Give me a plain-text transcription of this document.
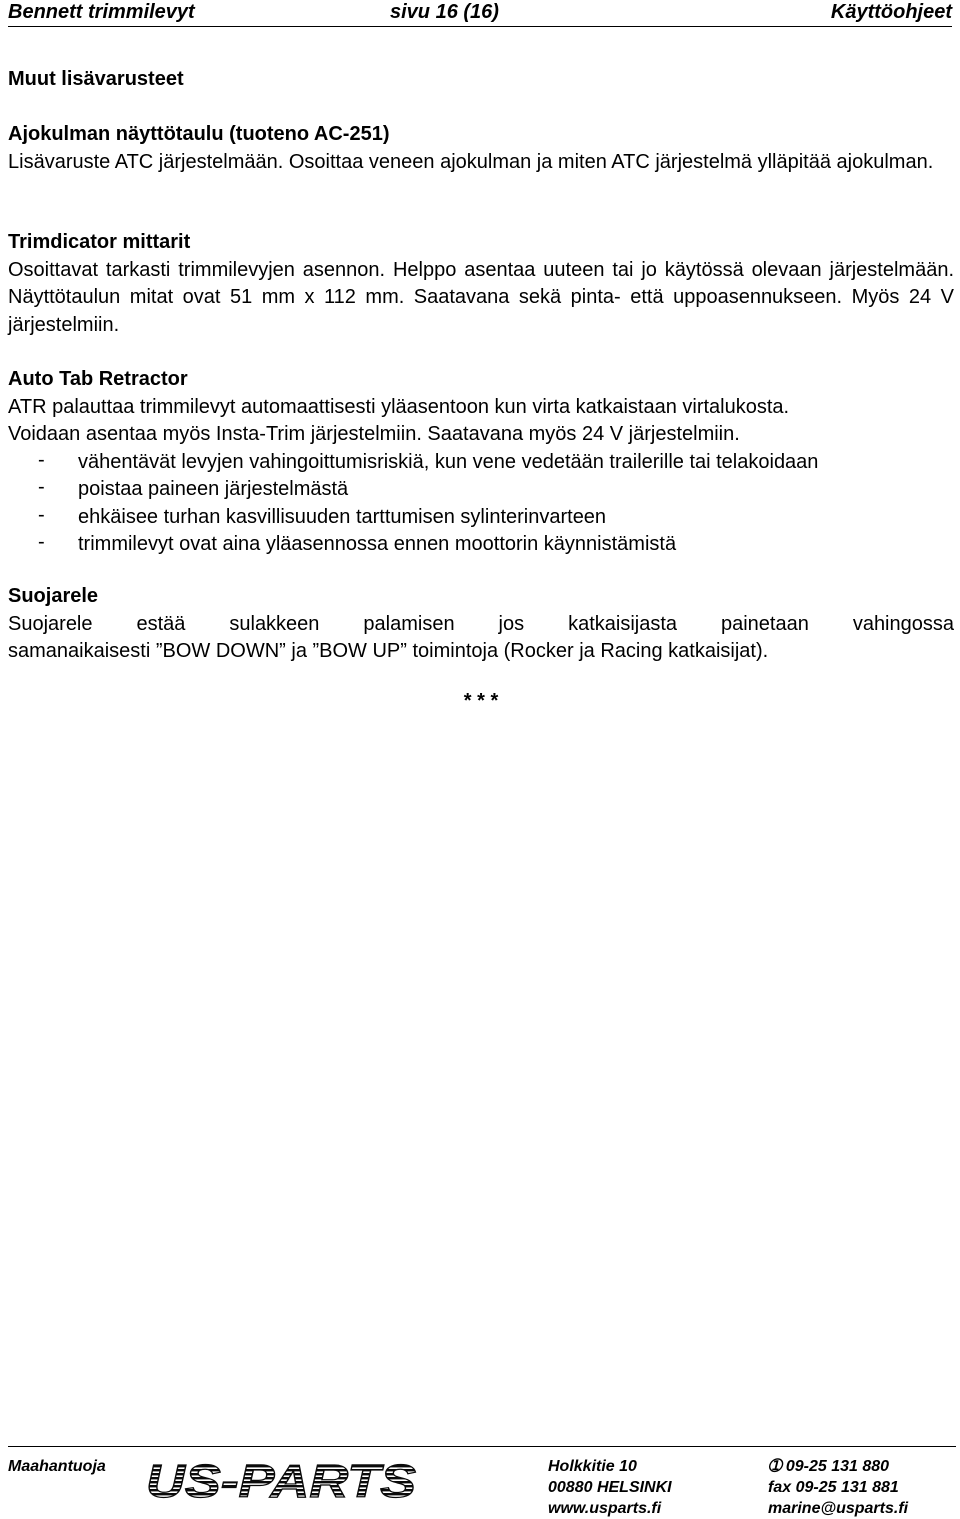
Bennett trimmilevyt	sivu 16 (16)	Käyttöohjeet

Muut lisävarusteet

Ajokulman näyttötaulu (tuoteno AC-251)

Lisävaruste ATC järjestelmään. Osoittaa veneen ajokulman ja miten ATC järjestelmä ylläpitää ajokulman.

Trimdicator mittarit

Osoittavat tarkasti trimmilevyjen asennon. Helppo asentaa uuteen tai jo käytössä olevaan järjestelmään. Näyttötaulun mitat ovat 51 mm x 112 mm. Saatavana sekä pinta- että uppoasennukseen. Myös 24 V järjestelmiin.

Auto Tab Retractor

ATR palauttaa trimmilevyt automaattisesti yläasentoon kun virta katkaistaan virtalukosta.

Voidaan asentaa myös Insta-Trim järjestelmiin. Saatavana myös 24 V järjestelmiin.

-	vähentävät levyjen vahingoittumisriskiä, kun vene vedetään trailerille tai telakoidaan

-	poistaa paineen järjestelmästä

-	ehkäisee turhan kasvillisuuden tarttumisen sylinterinvarteen

-	trimmilevyt ovat aina yläasennossa ennen moottorin käynnistämistä

Suojarele

Suojarele estää sulakkeen palamisen jos katkaisijasta painetaan vahingossa

samanaikaisesti ”BOW DOWN” ja ”BOW UP” toimintoja (Rocker ja Racing katkaisijat).

* * *
Maahantuoja US-PARTS	Holkkitie 10
00880 HELSINKI
www.usparts.fi
➀ 09-25 131 880
fax 09-25 131 881
marine@usparts.fi
